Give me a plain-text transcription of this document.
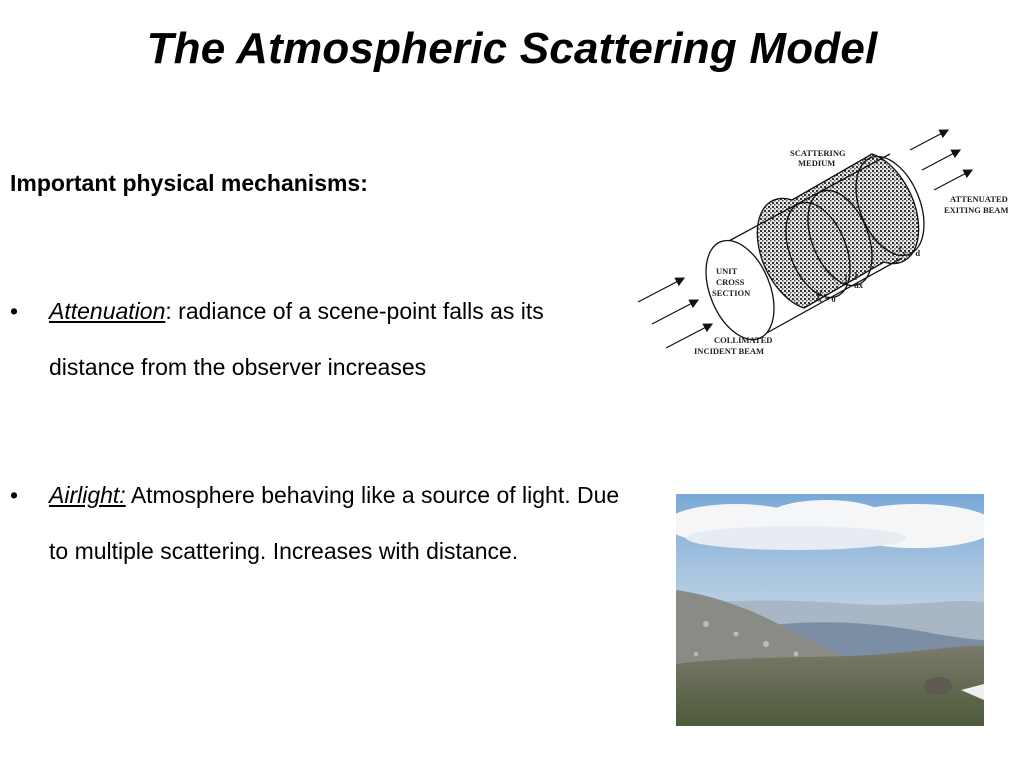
The Atmospheric Scattering Model
Important physical mechanisms:
•	Attenuation: radiance of a scene-point falls as its distance from the observer increases
•	Airlight: Atmosphere behaving like a source of light. Due to multiple scattering. Increases with distance.
SCATTERING
MEDIUM
ATTENUATED
EXITING BEAM
UNIT
CROSS
SECTION
x = d
dx
x = 0
COLLIMATED
INCIDENT BEAM
